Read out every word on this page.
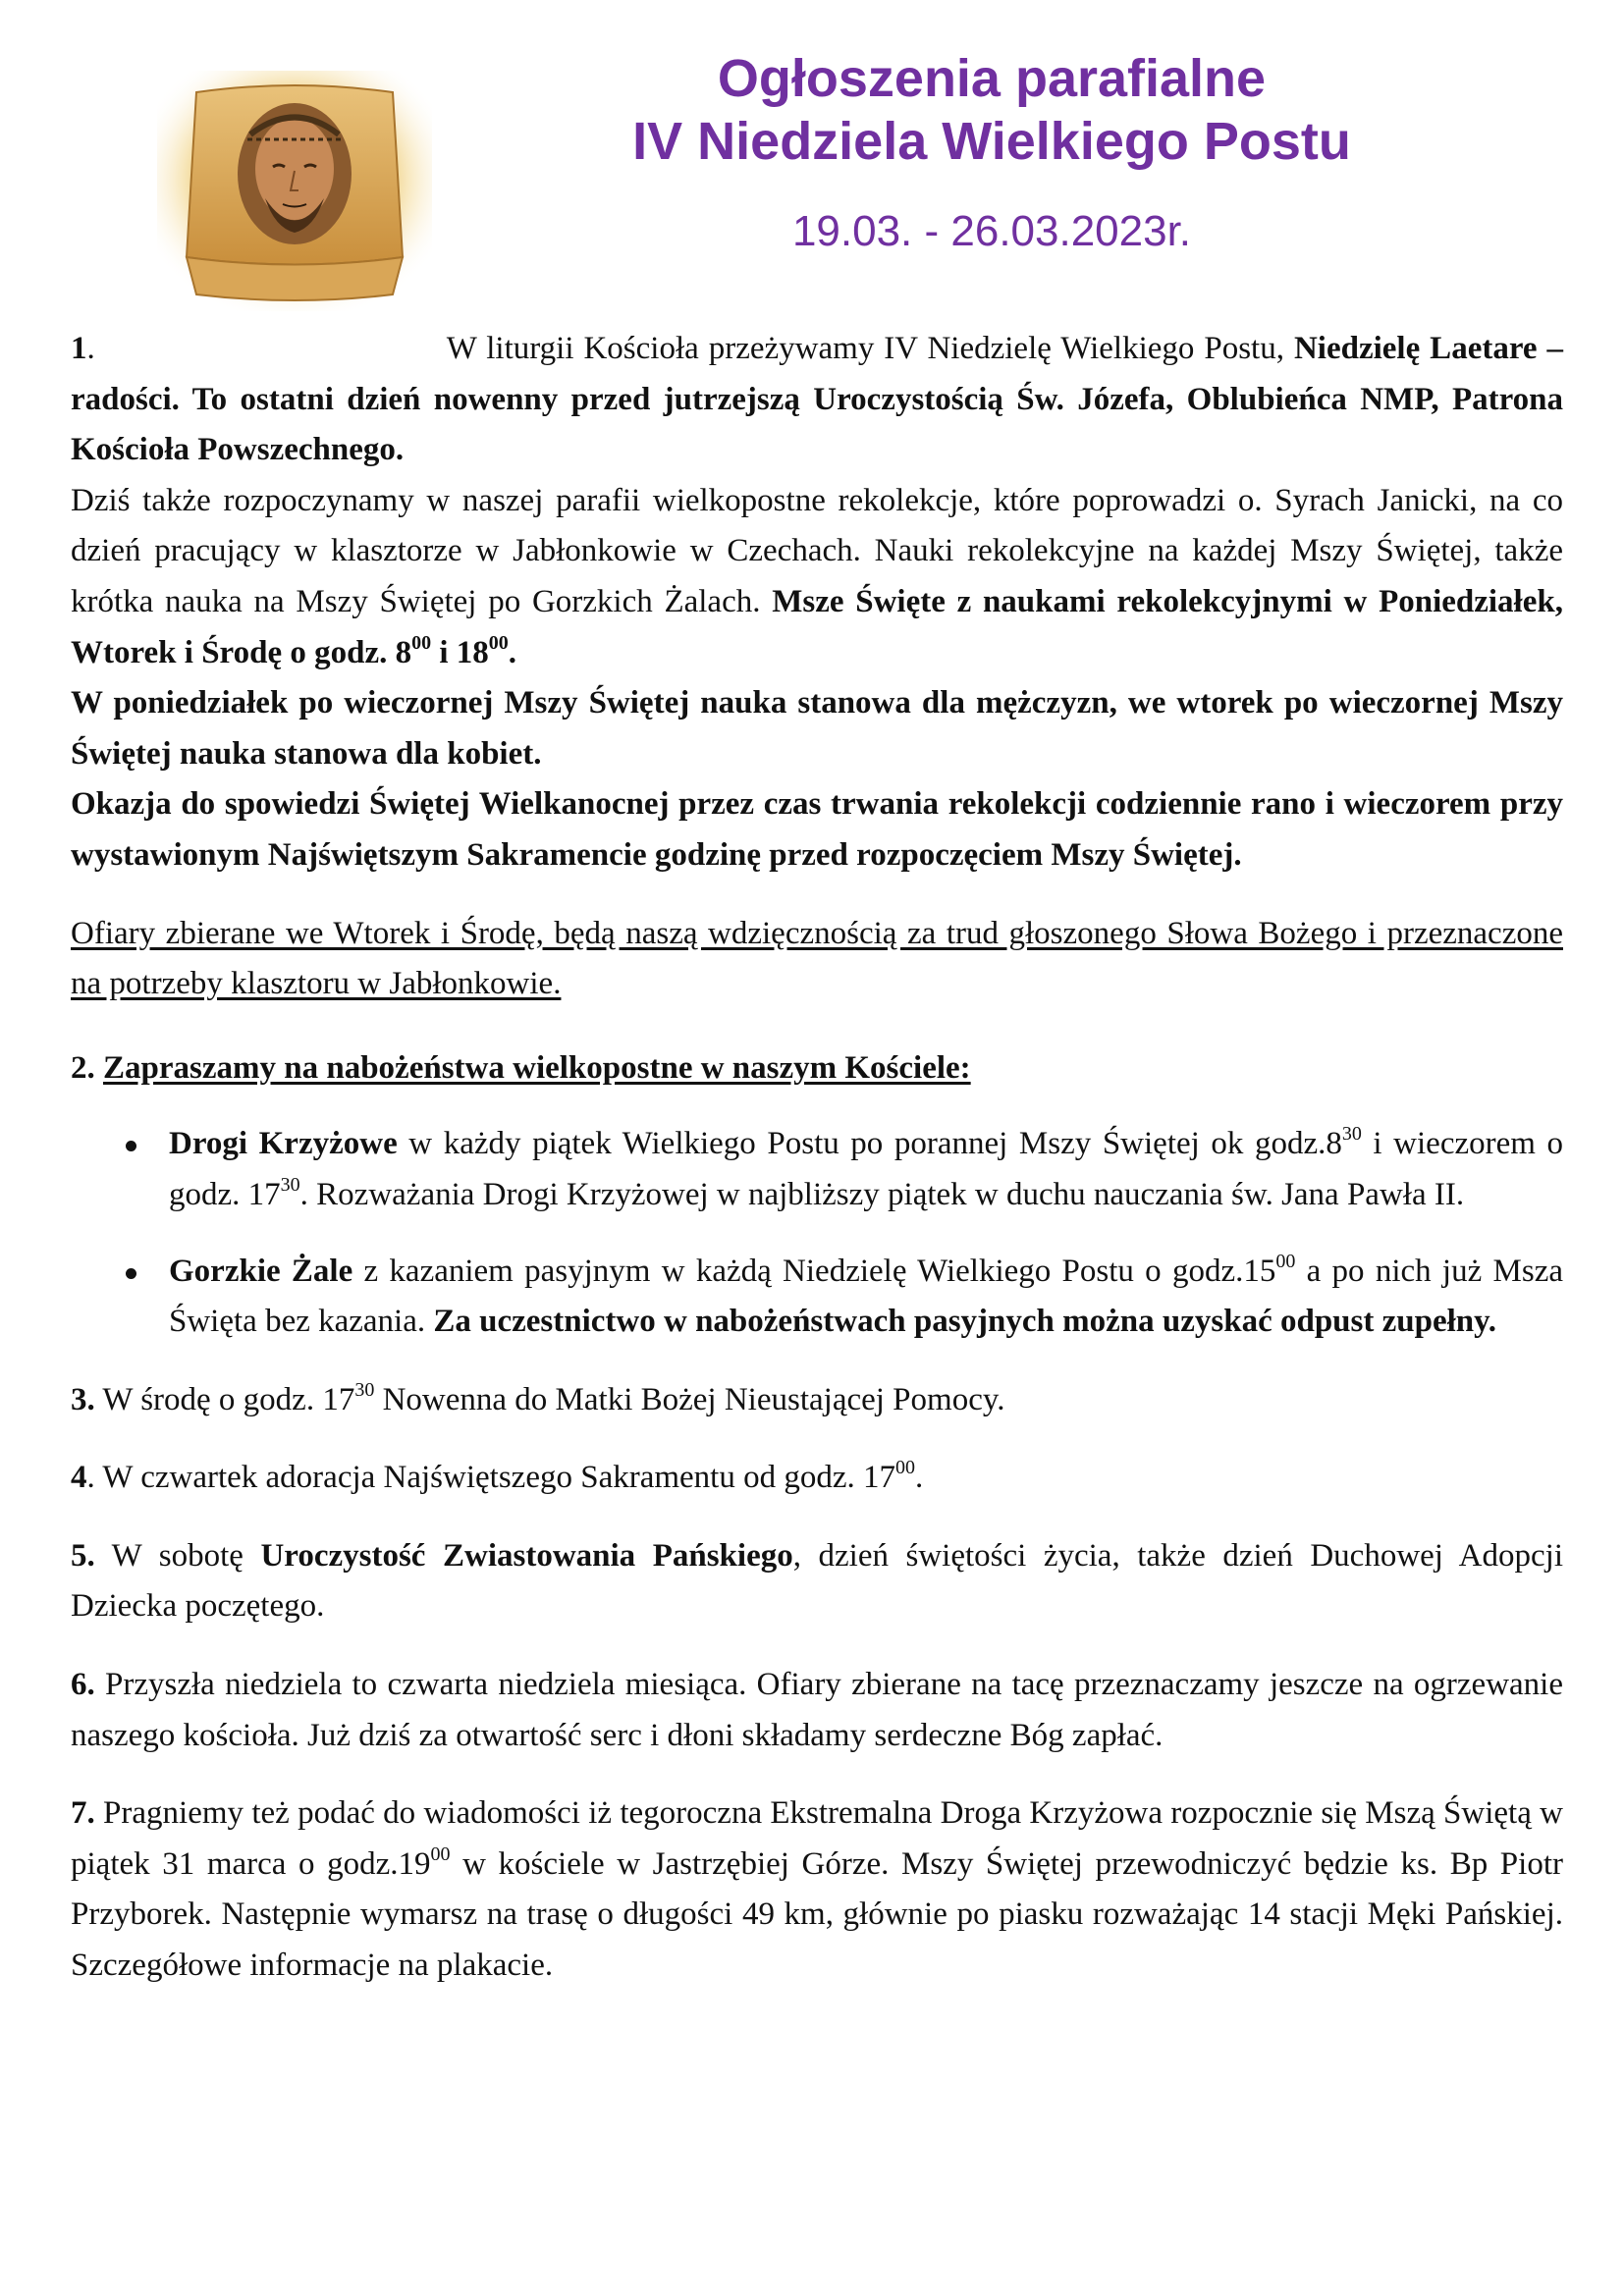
Ogłoszenia parafialne
IV Niedziela Wielkiego Postu
19.03. - 26.03.2023r.

1.	W liturgii Kościoła przeżywamy IV Niedzielę Wielkiego Postu, Niedzielę Laetare – radości. To ostatni dzień nowenny przed jutrzejszą Uroczystością Św. Józefa, Oblubieńca NMP, Patrona Kościoła Powszechnego.

Dziś także rozpoczynamy w naszej parafii wielkopostne rekolekcje, które poprowadzi o. Syrach Janicki, na co dzień pracujący w klasztorze w Jabłonkowie w Czechach. Nauki rekolekcyjne na każdej Mszy Świętej, także krótka nauka na Mszy Świętej po Gorzkich Żalach. Msze Święte z naukami rekolekcyjnymi w Poniedziałek, Wtorek i Środę o godz. $8^{00}$ i $18^{00}$.

W poniedziałek po wieczornej Mszy Świętej nauka stanowa dla mężczyzn, we wtorek po wieczornej Mszy Świętej nauka stanowa dla kobiet.

Okazja do spowiedzi Świętej Wielkanocnej przez czas trwania rekolekcji codziennie rano i wieczorem przy wystawionym Najświętszym Sakramencie godzinę przed rozpoczęciem Mszy Świętej.

Ofiary zbierane we Wtorek i Środę, będą naszą wdzięcznością za trud głoszonego Słowa Bożego i przeznaczone na potrzeby klasztoru w Jabłonkowie.

2. Zapraszamy na nabożeństwa wielkopostne w naszym Kościele:

Drogi Krzyżowe w każdy piątek Wielkiego Postu po porannej Mszy Świętej ok $godz.8^{30}$ i wieczorem o godz. $17^{30}$. Rozważania Drogi Krzyżowej w najbliższy piątek w duchu nauczania św. Jana Pawła II.
Gorzkie Żale z kazaniem pasyjnym w każdą Niedzielę Wielkiego Postu o $godz.15^{00}$ a po nich już Msza Święta bez kazania. Za uczestnictwo w nabożeństwach pasyjnych można uzyskać odpust zupełny.

3. W środę o godz. $17^{30}$ Nowenna do Matki Bożej Nieustającej Pomocy.

4. W czwartek adoracja Najświętszego Sakramentu od godz. $17^{00}$.

5. W sobotę Uroczystość Zwiastowania Pańskiego, dzień świętości życia, także dzień Duchowej Adopcji Dziecka poczętego.

6. Przyszła niedziela to czwarta niedziela miesiąca. Ofiary zbierane na tacę przeznaczamy jeszcze na ogrzewanie naszego kościoła. Już dziś za otwartość serc i dłoni składamy serdeczne Bóg zapłać.

7. Pragniemy też podać do wiadomości iż tegoroczna Ekstremalna Droga Krzyżowa rozpocznie się Mszą Świętą w piątek 31 marca o $godz.19^{00}$ w kościele w Jastrzębiej Górze. Mszy Świętej przewodniczyć będzie ks. Bp Piotr Przyborek. Następnie wymarsz na trasę o długości 49 km, głównie po piasku rozważając 14 stacji Męki Pańskiej. Szczegółowe informacje na plakacie.
